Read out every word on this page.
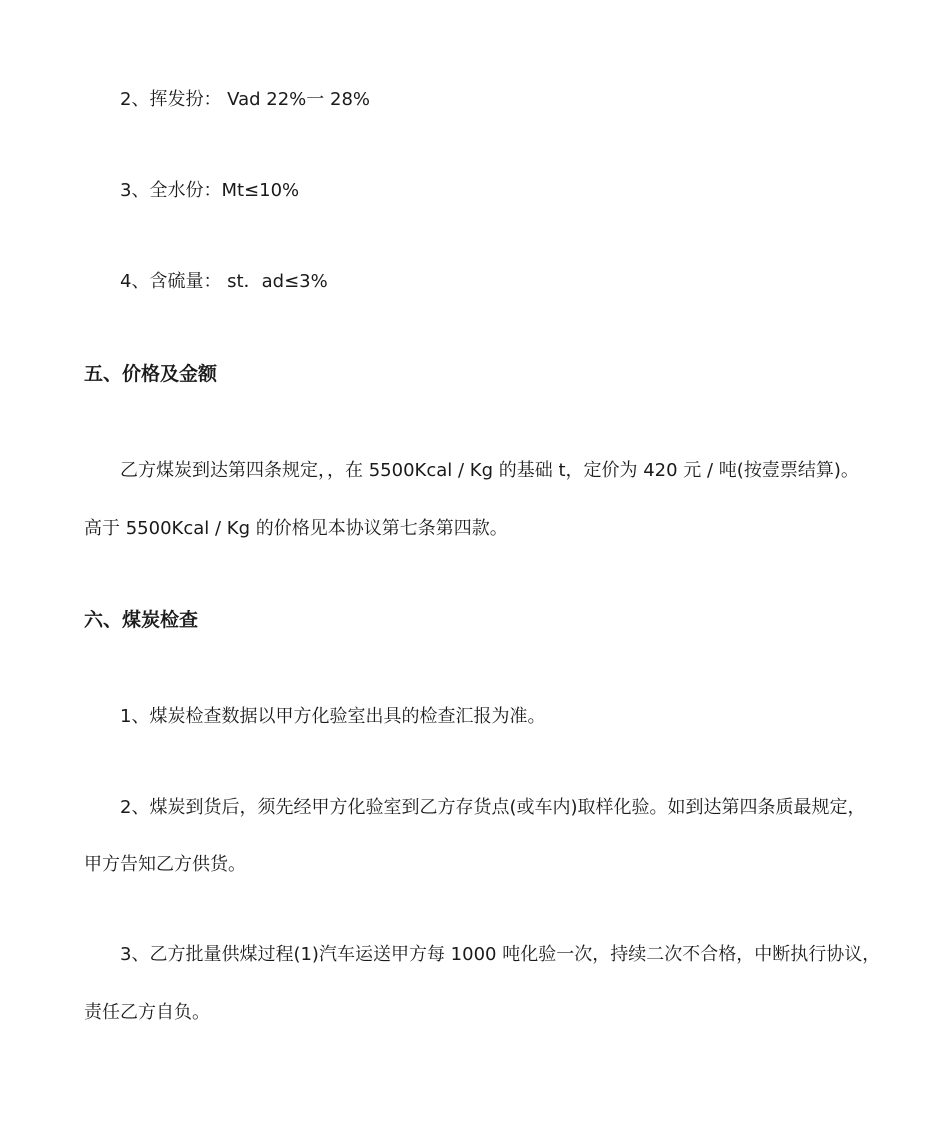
2、挥发扮： Vad 22%一 28%
3、全水份：Mt≤10%
4、含硫量： st．ad≤3%
五、价格及金额
乙方煤炭到达第四条规定，，在 5500Kcal / Kg 的基础 t，定价为 420 元 / 吨(按壹票结算)。
高于 5500Kcal / Kg 的价格见本协议第七条第四款。
六、煤炭检查
1、煤炭检查数据以甲方化验室出具的检查汇报为准。
2、煤炭到货后，须先经甲方化验室到乙方存货点(或车内)取样化验。如到达第四条质最规定，
甲方告知乙方供货。
3、乙方批量供煤过程(1)汽车运送甲方每 1000 吨化验一次，持续二次不合格，中断执行协议，
责任乙方自负。
